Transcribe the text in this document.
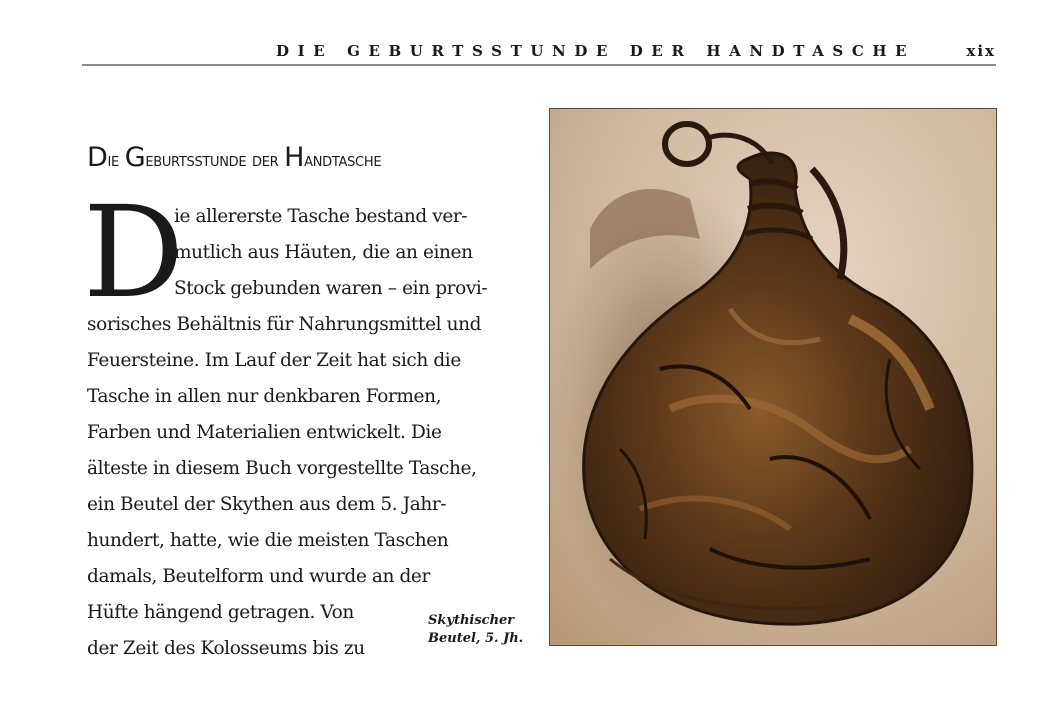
DIE GEBURTSSTUNDE DER HANDTASCHE	xix
Die Geburtsstunde der Handtasche
D
ie allererste Tasche bestand ver-
mutlich aus Häuten, die an einen
Stock gebunden waren – ein provi-
sorisches Behältnis für Nahrungsmittel und
Feuersteine. Im Lauf der Zeit hat sich die
Tasche in allen nur denkbaren Formen,
Farben und Materialien entwickelt. Die
älteste in diesem Buch vorgestellte Tasche,
ein Beutel der Skythen aus dem 5. Jahr-
hundert, hatte, wie die meisten Taschen
damals, Beutelform und wurde an der
Hüfte hängend getragen. Von
der Zeit des Kolosseums bis zu
Skythischer
Beutel, 5. Jh.
